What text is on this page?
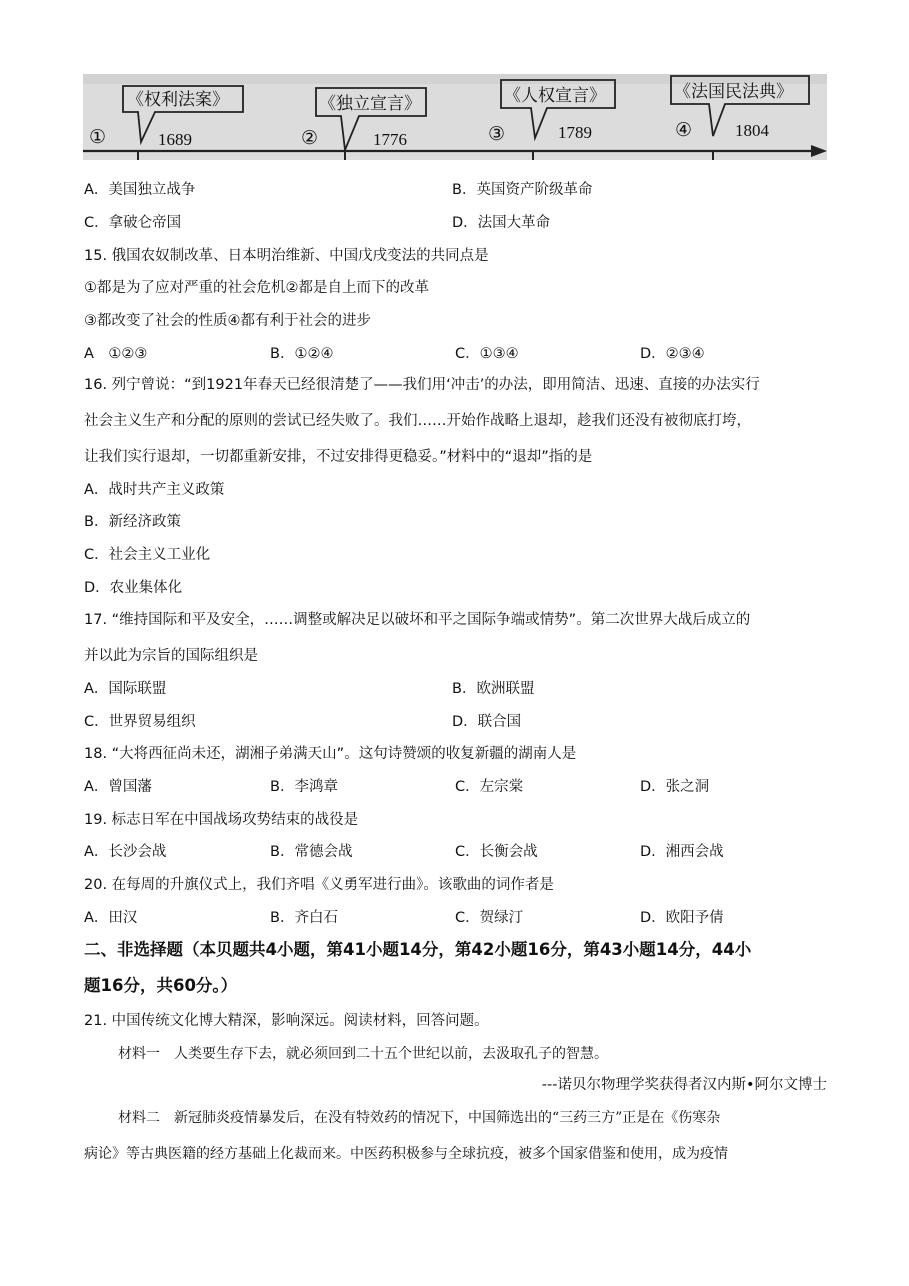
《权利法案》
1689
①
《独立宣言》
1776
②
《人权宣言》
1789
③
《法国民法典》
1804
④
A．美国独立战争	B．英国资产阶级革命
C．拿破仑帝国	D．法国大革命
15. 俄国农奴制改革、日本明治维新、中国戊戌变法的共同点是
①都是为了应对严重的社会危机②都是自上而下的改革
③都改变了社会的性质④都有利于社会的进步
A　①②③	B．①②④	C．①③④	D．②③④
16. 列宁曾说：“到1921年春天已经很清楚了——我们用‘冲击’的办法，即用简洁、迅速、直接的办法实行
社会主义生产和分配的原则的尝试已经失败了。我们……开始作战略上退却，趁我们还没有被彻底打垮，
让我们实行退却，一切都重新安排，不过安排得更稳妥。”材料中的“退却”指的是
A．战时共产主义政策
B．新经济政策
C．社会主义工业化
D．农业集体化
17. “维持国际和平及安全，……调整或解决足以破坏和平之国际争端或情势”。第二次世界大战后成立的
并以此为宗旨的国际组织是
A．国际联盟	B．欧洲联盟
C．世界贸易组织	D．联合国
18. “大将西征尚未还，湖湘子弟满天山”。这句诗赞颂的收复新疆的湖南人是
A．曾国藩	B．李鸿章	C．左宗棠	D．张之洞
19. 标志日军在中国战场攻势结束的战役是
A．长沙会战	B．常德会战	C．长衡会战	D．湘西会战
20. 在每周的升旗仪式上，我们齐唱《义勇军进行曲》。该歌曲的词作者是
A．田汉	B．齐白石	C．贺绿汀	D．欧阳予倩
二、非选择题（本贝题共4小题，第41小题14分，第42小题16分，第43小题14分，44小
题16分，共60分。）
21. 中国传统文化博大精深，影响深远。阅读材料，回答问题。
材料一　人类要生存下去，就必须回到二十五个世纪以前，去汲取孔子的智慧。
---诺贝尔物理学奖获得者汉内斯•阿尔文博士
材料二　新冠肺炎疫情暴发后，在没有特效药的情况下，中国筛选出的“三药三方”正是在《伤寒杂
病论》等古典医籍的经方基础上化裁而来。中医药积极参与全球抗疫，被多个国家借鉴和使用，成为疫情
